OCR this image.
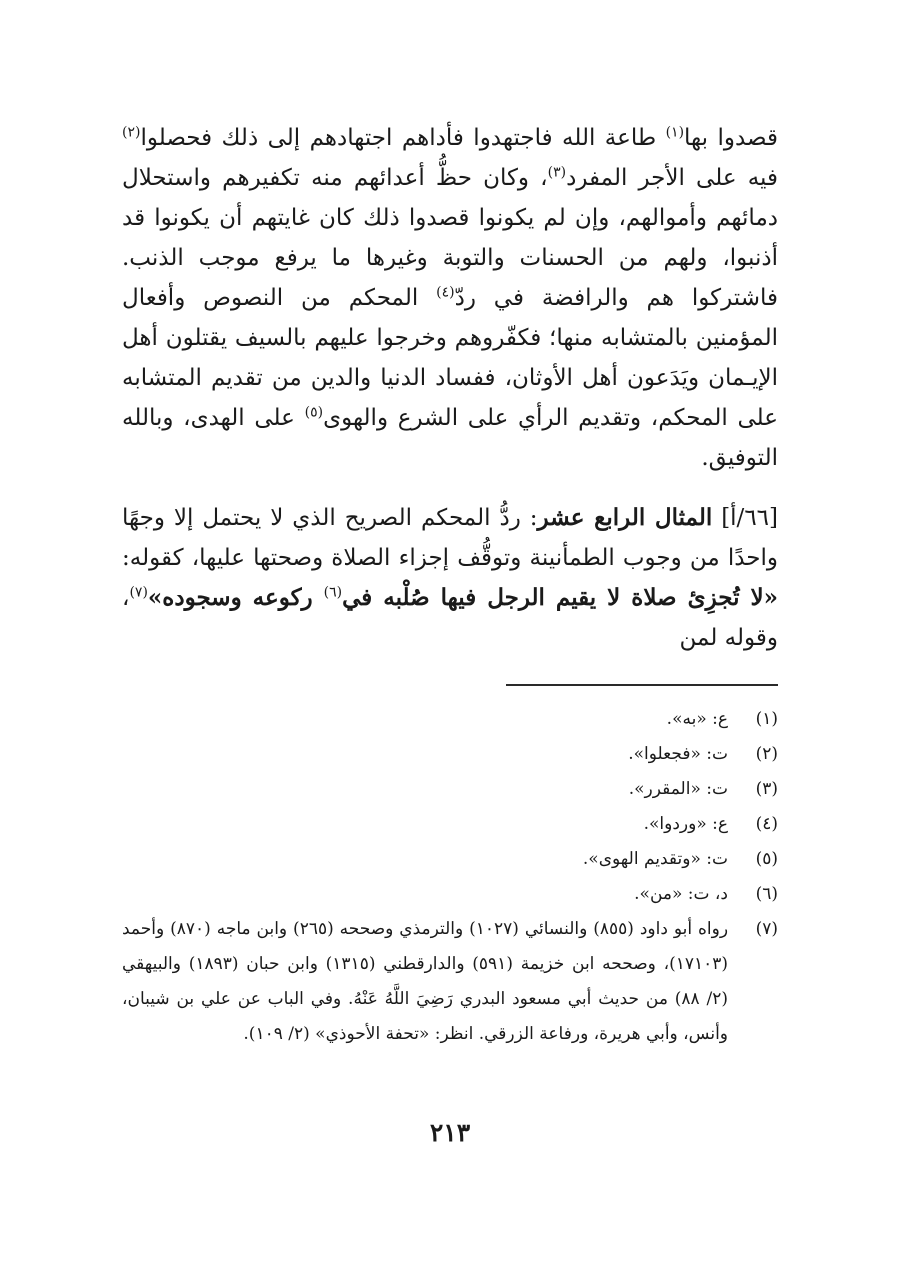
قصدوا بها$^{(١)}$ طاعة الله فاجتهدوا فأداهم اجتهادهم إلى ذلك فحصلوا$^{(٢)}$ فيه على الأجر المفرد$^{(٣)}$، وكان حظُّ أعدائهم منه تكفيرهم واستحلال دمائهم وأموالهم، وإن لم يكونوا قصدوا ذلك كان غايتهم أن يكونوا قد أذنبوا، ولهم من الحسنات والتوبة وغيرها ما يرفع موجب الذنب. فاشتركوا هم والرافضة في ردّ$^{(٤)}$ المحكم من النصوص وأفعال المؤمنين بالمتشابه منها؛ فكفّروهم وخرجوا عليهم بالسيف يقتلون أهل الإيـمان ويَدَعون أهل الأوثان، ففساد الدنيا والدين من تقديم المتشابه على المحكم، وتقديم الرأي على الشرع والهوى$^{(٥)}$ على الهدى، وبالله التوفيق.

[٦٦/أ] المثال الرابع عشر: ردُّ المحكم الصريح الذي لا يحتمل إلا وجهًا واحدًا من وجوب الطمأنينة وتوقُّف إجزاء الصلاة وصحتها عليها، كقوله: «لا تُجزِئ صلاة لا يقيم الرجل فيها صُلْبه في$^{(٦)}$ ركوعه وسجوده»$^{(٧)}$، وقوله لمن

(١)
ع: «به».
(٢)
ت: «فجعلوا».
(٣)
ت: «المقرر».
(٤)
ع: «وردوا».
(٥)
ت: «وتقديم الهوى».
(٦)
د، ت: «من».
(٧)
رواه أبو داود (٨٥٥) والنسائي (١٠٢٧) والترمذي وصححه (٢٦٥) وابن ماجه (٨٧٠) وأحمد (١٧١٠٣)، وصححه ابن خزيمة (٥٩١) والدارقطني (١٣١٥) وابن حبان (١٨٩٣) والبيهقي (٢/ ٨٨) من حديث أبي مسعود البدري رَضِيَ اللَّهُ عَنْهُ. وفي الباب عن علي بن شيبان، وأنس، وأبي هريرة، ورفاعة الزرقي. انظر: «تحفة الأحوذي» (٢/ ١٠٩).
٢١٣
